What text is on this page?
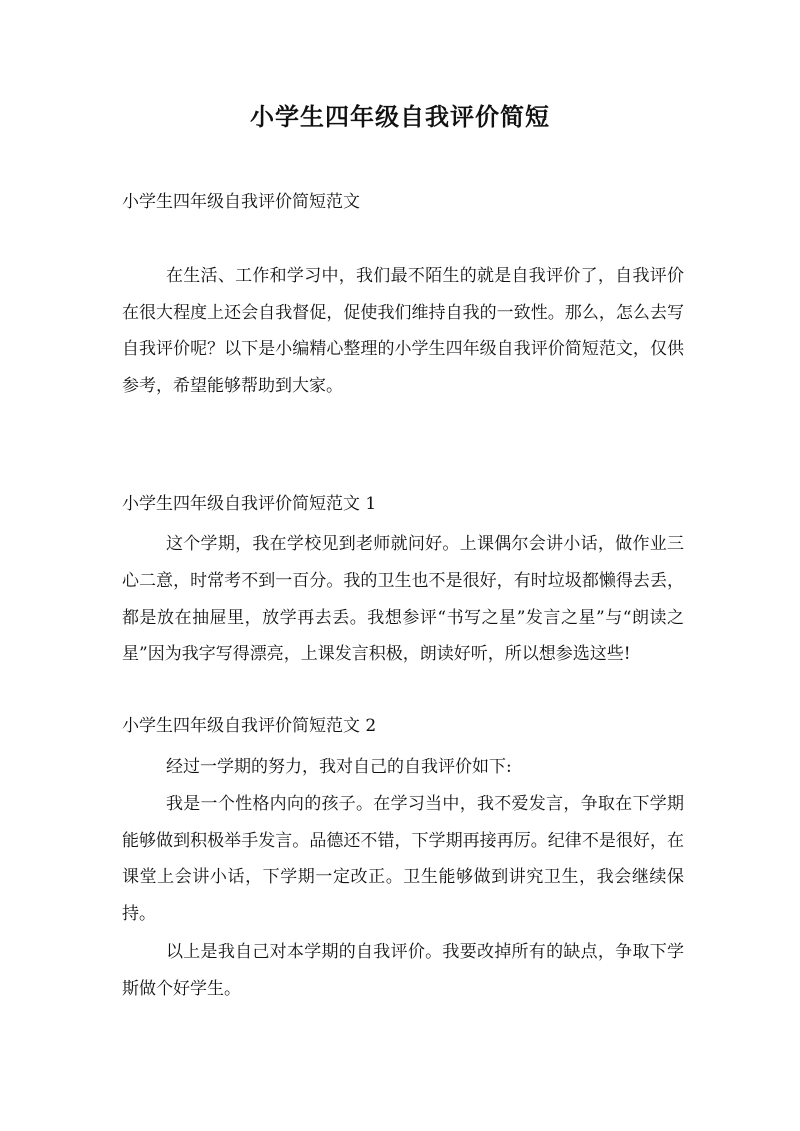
小学生四年级自我评价简短
小学生四年级自我评价简短范文
在生活、工作和学习中，我们最不陌生的就是自我评价了，自我评价在很大程度上还会自我督促，促使我们维持自我的一致性。那么，怎么去写自我评价呢？以下是小编精心整理的小学生四年级自我评价简短范文，仅供参考，希望能够帮助到大家。
小学生四年级自我评价简短范文 1
这个学期，我在学校见到老师就问好。上课偶尔会讲小话，做作业三心二意，时常考不到一百分。我的卫生也不是很好，有时垃圾都懒得去丢，都是放在抽屉里，放学再去丢。我想参评“书写之星”发言之星”与“朗读之星”因为我字写得漂亮，上课发言积极，朗读好听，所以想参选这些!
小学生四年级自我评价简短范文 2
经过一学期的努力，我对自己的自我评价如下:
我是一个性格内向的孩子。在学习当中，我不爱发言，争取在下学期能够做到积极举手发言。品德还不错，下学期再接再厉。纪律不是很好，在课堂上会讲小话，下学期一定改正。卫生能够做到讲究卫生，我会继续保持。
以上是我自己对本学期的自我评价。我要改掉所有的缺点，争取下学斯做个好学生。
